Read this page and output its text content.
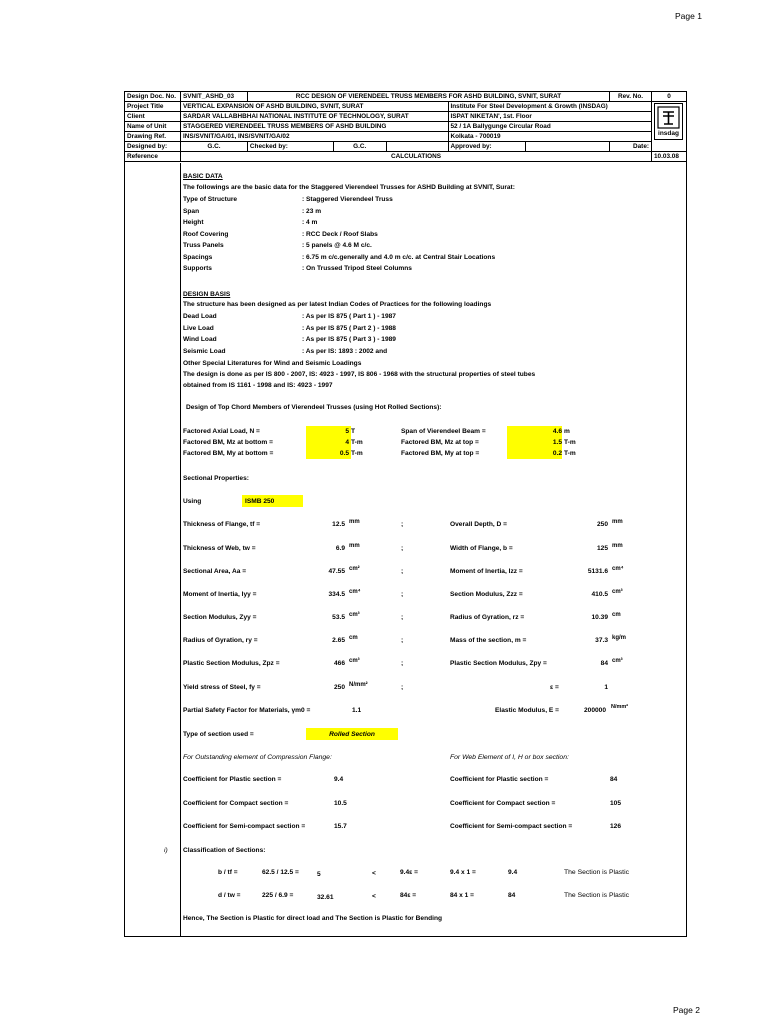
Page 1
Design Doc. No.	SVNIT_ASHD_03	RCC DESIGN OF VIERENDEEL TRUSS MEMBERS FOR ASHD BUILDING, SVNIT, SURAT					Rev. No.	0
Project Title	VERTICAL EXPANSION OF ASHD BUILDING, SVNIT, SURAT				Institute For Steel Development & Growth (INSDAG)			
Client	SARDAR VALLABHBHAI NATIONAL INSTITUTE OF TECHNOLOGY, SURAT				ISPAT NIKETAN', 1st. Floor			
Name of Unit	STAGGERED VIERENDEEL TRUSS MEMBERS OF ASHD BUILDING				52 / 1A Ballygunge Circular Road			
Drawing Ref.	INS/SVNIT/GA/01, INS/SVNIT/GA/02				Kolkata - 700019			
Designed by:	G.C.	Checked by:	G.C.		Approved by:		Date:	
Reference	CALCULATIONS							10.03.08
insdag
BASIC DATA
The followings are the basic data for the Staggered Vierendeel Trusses for ASHD Building at SVNIT, Surat:
Type of Structure	: Staggered Vierendeel Truss
Span	: 23 m
Height	: 4 m
Roof Covering	: RCC Deck / Roof Slabs
Truss Panels	: 5 panels @ 4.6 M c/c.
Spacings	: 6.75 m c/c.generally and 4.0 m c/c. at Central Stair Locations
Supports	: On Trussed Tripod Steel Columns
DESIGN BASIS
The structure has been designed as per latest Indian Codes of Practices for the following loadings
Dead Load	: As per IS 875 ( Part 1 ) - 1987
Live Load	: As per IS 875 ( Part 2 ) - 1988
Wind Load	: As per IS 875 ( Part 3 ) - 1989
Seismic Load	: As per IS: 1893 : 2002 and
Other Special Literatures for Wind and Seismic Loadings
The design is done as per IS 800 - 2007, IS: 4923 - 1997, IS 806 - 1968 with the structural properties of steel tubes
obtained from IS 1161 - 1998 and IS: 4923 - 1997
Design of Top Chord Members of Vierendeel Trusses (using Hot Rolled Sections):
Factored Axial Load, N =	5 T	Span of Vierendeel Beam =	4.6 m
Factored BM, Mz at bottom =	4 T-m	Factored BM, Mz at top =	1.5 T-m
Factored BM, My at bottom =	0.5 T-m	Factored BM, My at top =	0.2 T-m
Sectional Properties:
Using	ISMB 250
Thickness of Flange, tf =	12.5 mm	;	Overall Depth, D =	250 mm
Thickness of Web, tw =	6.9 mm	;	Width of Flange, b =	125 mm
Sectional Area, Aa =	47.55 cm²	;	Moment of Inertia, Izz =	5131.6 cm⁴
Moment of Inertia, Iyy =	334.5 cm⁴	;	Section Modulus, Zzz =	410.5 cm³
Section Modulus, Zyy =	53.5 cm³	;	Radius of Gyration, rz =	10.39 cm
Radius of Gyration, ry =	2.65 cm	;	Mass of the section, m =	37.3 kg/m
Plastic Section Modulus, Zpz =	466 cm³	;	Plastic Section Modulus, Zpy =	84 cm³
Yield stress of Steel, fy =	250 N/mm²	;	ε =	1
Partial Safety Factor for Materials, γm0 =	1.1	Elastic Modulus, E =	200000 N/mm²
Type of section used =	Rolled Section
For Outstanding element of Compression Flange:	For Web Element of I, H or box section:
Coefficient for Plastic section =	9.4	Coefficient for Plastic section =	84
Coefficient for Compact section =	10.5	Coefficient for Compact section =	105
Coefficient for Semi-compact section =	15.7	Coefficient for Semi-compact section =	126
i) Classification of Sections:
b / tf =	62.5 / 12.5 =	5	<	9.4ε =	9.4 x 1 =	9.4	The Section is Plastic
d / tw =	225 / 6.9 =	32.61	<	84ε =	84 x 1 =	84	The Section is Plastic
Hence, The Section is Plastic for direct load and The Section is Plastic for Bending
Page 2
